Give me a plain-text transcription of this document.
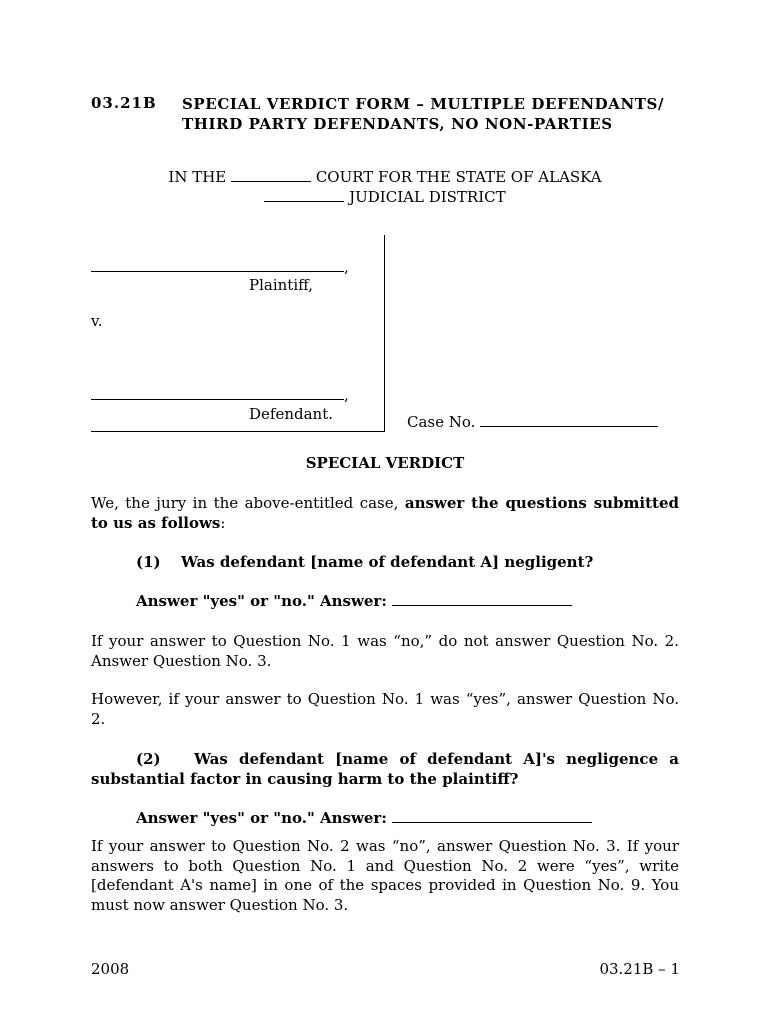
03.21B SPECIAL VERDICT FORM – MULTIPLE DEFENDANTS/
THIRD PARTY DEFENDANTS, NO NON-PARTIES
IN THE	COURT FOR THE STATE OF ALASKA
JUDICIAL DISTRICT
,
Plaintiff,
v.
,
Defendant.	Case No.
SPECIAL VERDICT
We, the jury in the above-entitled case, answer the questions submitted to us as follows:
(1) Was defendant [name of defendant A] negligent?
Answer "yes" or "no." Answer:
If your answer to Question No. 1 was “no,” do not answer Question No. 2. Answer Question No. 3.
However, if your answer to Question No. 1 was “yes”, answer Question No. 2.
(2) Was defendant [name of defendant A]'s negligence a substantial factor in causing harm to the plaintiff?
Answer "yes" or "no." Answer:
If your answer to Question No. 2 was “no”, answer Question No. 3. If your answers to both Question No. 1 and Question No. 2 were “yes”, write [defendant A's name] in one of the spaces provided in Question No. 9. You must now answer Question No. 3.
2008	03.21B – 1
